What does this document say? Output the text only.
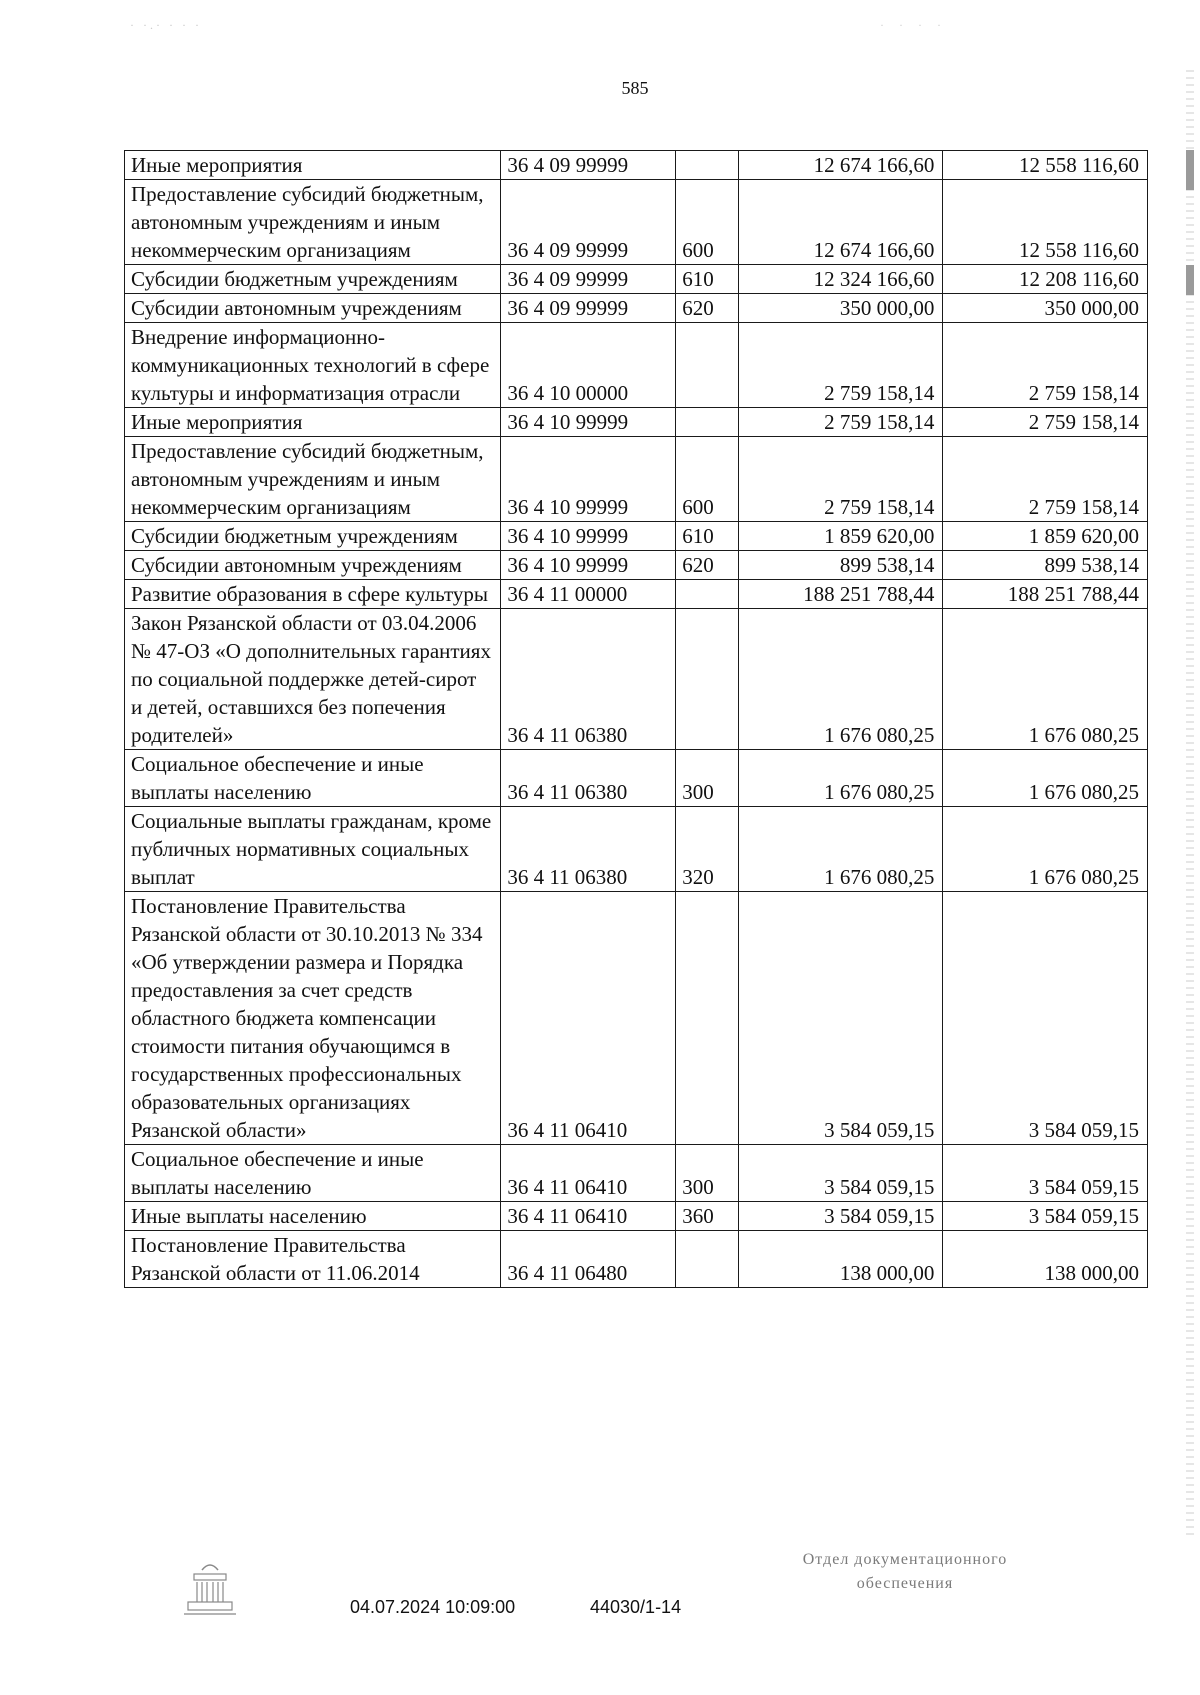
· ·.· · · ·	· · · ·
585
Иные мероприятия	36 4 09 99999		12 674 166,60	12 558 116,60
Предоставление субсидий бюджетным, автономным учреждениям и иным некоммерческим организациям	36 4 09 99999	600	12 674 166,60	12 558 116,60
Субсидии бюджетным учреждениям	36 4 09 99999	610	12 324 166,60	12 208 116,60
Субсидии автономным учреждениям	36 4 09 99999	620	350 000,00	350 000,00
Внедрение информационно-коммуникационных технологий в сфере культуры и информатизация отрасли	36 4 10 00000		2 759 158,14	2 759 158,14
Иные мероприятия	36 4 10 99999		2 759 158,14	2 759 158,14
Предоставление субсидий бюджетным, автономным учреждениям и иным некоммерческим организациям	36 4 10 99999	600	2 759 158,14	2 759 158,14
Субсидии бюджетным учреждениям	36 4 10 99999	610	1 859 620,00	1 859 620,00
Субсидии автономным учреждениям	36 4 10 99999	620	899 538,14	899 538,14
Развитие образования в сфере культуры	36 4 11 00000		188 251 788,44	188 251 788,44
Закон Рязанской области от 03.04.2006 № 47-ОЗ «О дополнительных гарантиях по социальной поддержке детей-сирот и детей, оставшихся без попечения родителей»	36 4 11 06380		1 676 080,25	1 676 080,25
Социальное обеспечение и иные выплаты населению	36 4 11 06380	300	1 676 080,25	1 676 080,25
Социальные выплаты гражданам, кроме публичных нормативных социальных выплат	36 4 11 06380	320	1 676 080,25	1 676 080,25
Постановление Правительства Рязанской области от 30.10.2013 № 334 «Об утверждении размера и Порядка предоставления за счет средств областного бюджета компенсации стоимости питания обучающимся в государственных профессиональных образовательных организациях Рязанской области»	36 4 11 06410		3 584 059,15	3 584 059,15
Социальное обеспечение и иные выплаты населению	36 4 11 06410	300	3 584 059,15	3 584 059,15
Иные выплаты населению	36 4 11 06410	360	3 584 059,15	3 584 059,15
Постановление Правительства Рязанской области от 11.06.2014	36 4 11 06480		138 000,00	138 000,00
04.07.2024 10:09:00	44030/1-14
Отдел документационного
обеспечения
